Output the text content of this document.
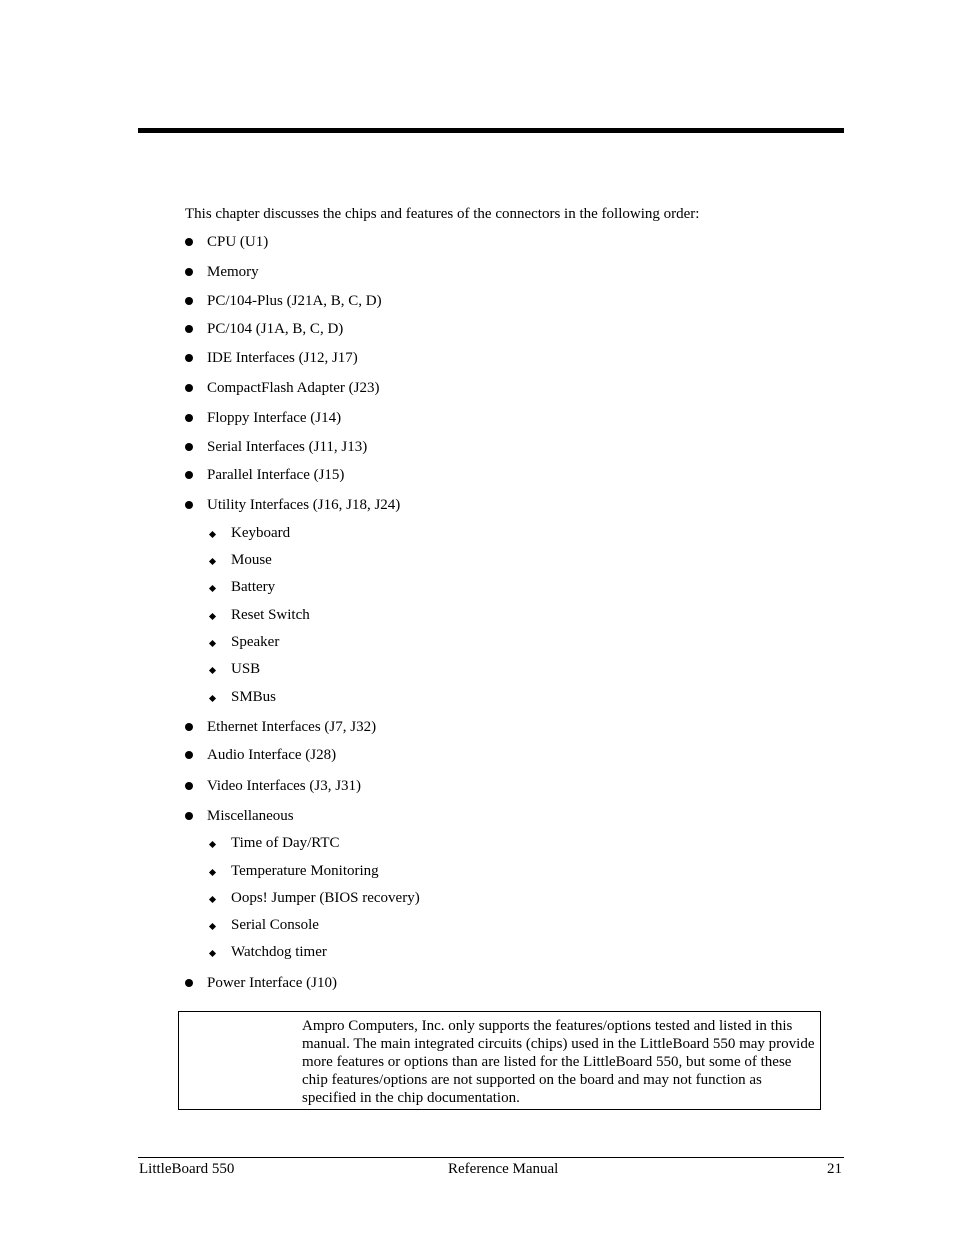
This chapter discusses the chips and features of the connectors in the following order:
CPU (U1)
Memory
PC/104-Plus (J21A, B, C, D)
PC/104 (J1A, B, C, D)
IDE Interfaces (J12, J17)
CompactFlash Adapter (J23)
Floppy Interface (J14)
Serial Interfaces (J11, J13)
Parallel Interface (J15)
Utility Interfaces (J16, J18, J24)
Keyboard
Mouse
Battery
Reset Switch
Speaker
USB
SMBus
Ethernet Interfaces (J7, J32)
Audio Interface (J28)
Video Interfaces (J3, J31)
Miscellaneous
Time of Day/RTC
Temperature Monitoring
Oops! Jumper (BIOS recovery)
Serial Console
Watchdog timer
Power Interface (J10)
Ampro Computers, Inc. only supports the features/options tested and listed in this manual. The main integrated circuits (chips) used in the LittleBoard 550 may provide more features or options than are listed for the LittleBoard 550, but some of these chip features/options are not supported on the board and may not function as specified in the chip documentation.
LittleBoard 550	Reference Manual	21
